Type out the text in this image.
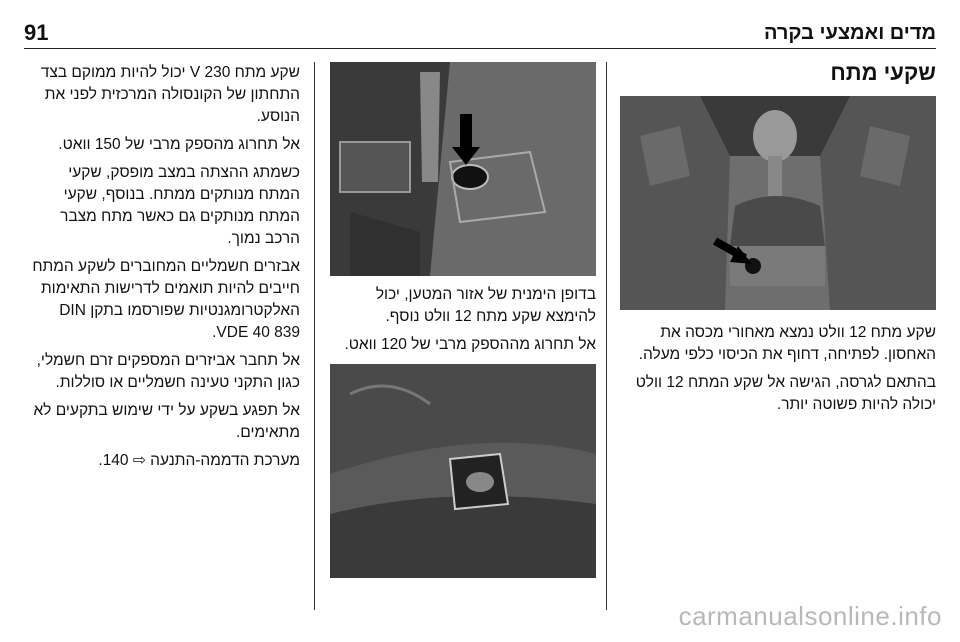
91	מדים ואמצעי בקרה
שקעי מתח

שקע מתח 12 וולט נמצא מאחורי מכסה את האחסון. לפתיחה, דחוף את הכיסוי כלפי מעלה.

בהתאם לגרסה, הגישה אל שקע המתח 12 וולט יכולה להיות פשוטה יותר.

בדופן הימנית של אזור המטען, יכול להימצא שקע מתח 12 וולט נוסף.

אל תחרוג מההספק מרבי של 120 וואט.

שקע מתח V 230 יכול להיות ממוקם בצד התחתון של הקונסולה המרכזית לפני את הנוסע.

אל תחרוג מהספק מרבי של 150 וואט.

כשמתג ההצתה במצב מופסק, שקעי המתח מנותקים ממתח. בנוסף, שקעי המתח מנותקים גם כאשר מתח מצבר הרכב נמוך.

אבזרים חשמליים המחוברים לשקע המתח חייבים להיות תואמים לדרישות התאימות האלקטרומגנטיות שפורסמו בתקן DIN VDE 40 839.

אל תחבר אביזרים המספקים זרם חשמלי, כגון התקני טעינה חשמליים או סוללות.

אל תפגע בשקע על ידי שימוש בתקעים לא מתאימים.

מערכת הדממה-התנעה ⇨ 140.

carmanualsonline.info
